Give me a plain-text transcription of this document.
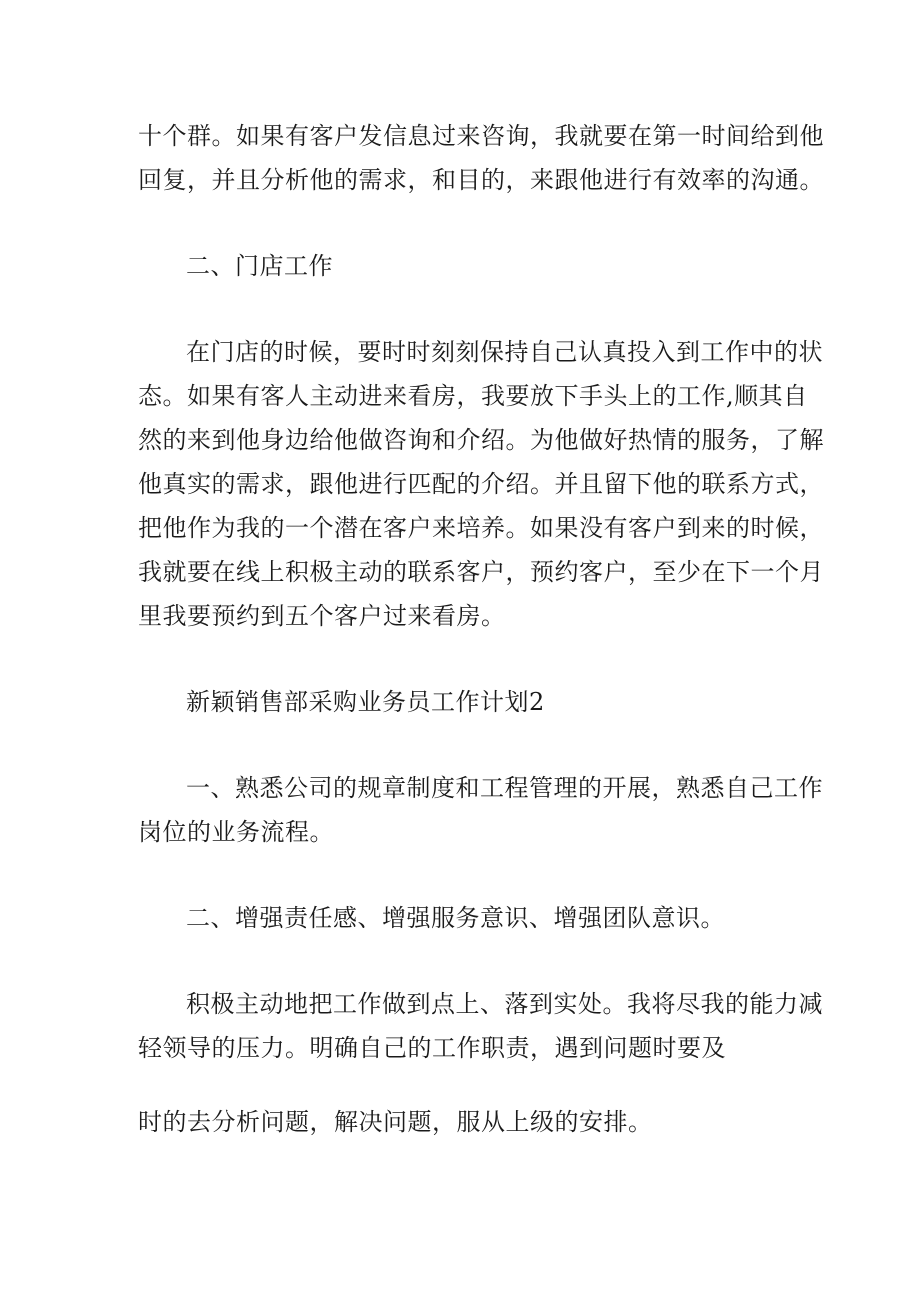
十个群。如果有客户发信息过来咨询，我就要在第一时间给到他
回复，并且分析他的需求，和目的，来跟他进行有效率的沟通。
二、门店工作
在门店的时候，要时时刻刻保持自己认真投入到工作中的状
态。如果有客人主动进来看房，我要放下手头上的工作,顺其自
然的来到他身边给他做咨询和介绍。为他做好热情的服务，了解
他真实的需求，跟他进行匹配的介绍。并且留下他的联系方式，
把他作为我的一个潜在客户来培养。如果没有客户到来的时候，
我就要在线上积极主动的联系客户，预约客户，至少在下一个月
里我要预约到五个客户过来看房。
新颖销售部采购业务员工作计划2
一、熟悉公司的规章制度和工程管理的开展，熟悉自己工作
岗位的业务流程。
二、增强责任感、增强服务意识、增强团队意识。
积极主动地把工作做到点上、落到实处。我将尽我的能力减
轻领导的压力。明确自己的工作职责，遇到问题时要及
时的去分析问题，解决问题，服从上级的安排。
